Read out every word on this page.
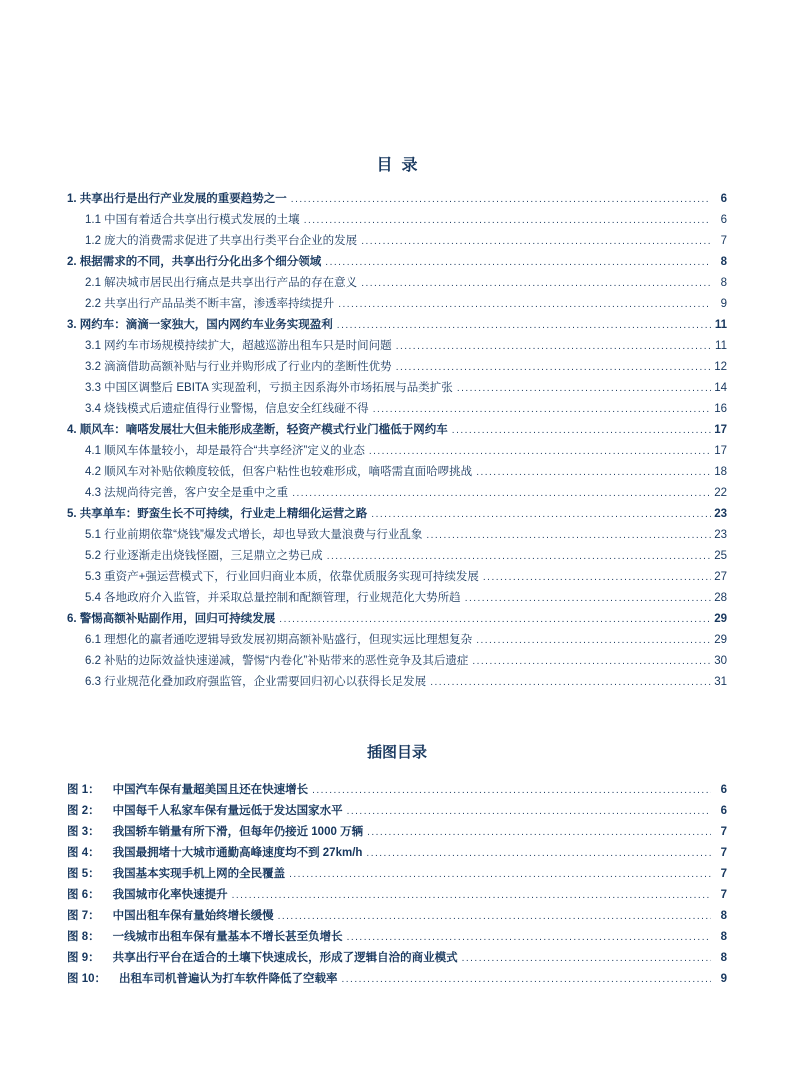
目  录
1. 共享出行是出行产业发展的重要趋势之一 .....	6
1.1 中国有着适合共享出行模式发展的土壤 .....	6
1.2 庞大的消费需求促进了共享出行类平台企业的发展 .....	7
2. 根据需求的不同，共享出行分化出多个细分领域 .....	8
2.1 解决城市居民出行痛点是共享出行产品的存在意义 .....	8
2.2 共享出行产品品类不断丰富，渗透率持续提升 .....	9
3. 网约车：滴滴一家独大，国内网约车业务实现盈利 .....	11
3.1 网约车市场规模持续扩大，超越巡游出租车只是时间问题 .....	11
3.2 滴滴借助高额补贴与行业并购形成了行业内的垄断性优势 .....	12
3.3 中国区调整后 EBITA 实现盈利，亏损主因系海外市场拓展与品类扩张 .....	14
3.4 烧钱模式后遗症值得行业警惕，信息安全红线碰不得 .....	16
4. 顺风车：嘀嗒发展壮大但未能形成垄断，轻资产模式行业门槛低于网约车 .....	17
4.1 顺风车体量较小，却是最符合“共享经济”定义的业态 .....	17
4.2 顺风车对补贴依赖度较低，但客户粘性也较难形成，嘀嗒需直面哈啰挑战 .....	18
4.3 法规尚待完善，客户安全是重中之重 .....	22
5. 共享单车：野蛮生长不可持续，行业走上精细化运营之路 .....	23
5.1 行业前期依靠“烧钱”爆发式增长，却也导致大量浪费与行业乱象 .....	23
5.2 行业逐渐走出烧钱怪圈，三足鼎立之势已成 .....	25
5.3 重资产+强运营模式下，行业回归商业本质，依靠优质服务实现可持续发展 .....	27
5.4 各地政府介入监管，并采取总量控制和配额管理，行业规范化大势所趋 .....	28
6. 警惕高额补贴副作用，回归可持续发展 .....	29
6.1 理想化的赢者通吃逻辑导致发展初期高额补贴盛行，但现实远比理想复杂 .....	29
6.2 补贴的边际效益快速递减，警惕“内卷化”补贴带来的恶性竞争及其后遗症 .....	30
6.3 行业规范化叠加政府强监管，企业需要回归初心以获得长足发展 .....	31
插图目录
图 1： 中国汽车保有量超美国且还在快速增长 .....	6
图 2： 中国每千人私家车保有量远低于发达国家水平 .....	6
图 3： 我国轿车销量有所下滑，但每年仍接近 1000 万辆 .....	7
图 4： 我国最拥堵十大城市通勤高峰速度均不到 27km/h .....	7
图 5： 我国基本实现手机上网的全民覆盖 .....	7
图 6： 我国城市化率快速提升 .....	7
图 7： 中国出租车保有量始终增长缓慢 .....	8
图 8： 一线城市出租车保有量基本不增长甚至负增长 .....	8
图 9： 共享出行平台在适合的土壤下快速成长，形成了逻辑自洽的商业模式 .....	8
图 10： 出租车司机普遍认为打车软件降低了空载率 .....	9
